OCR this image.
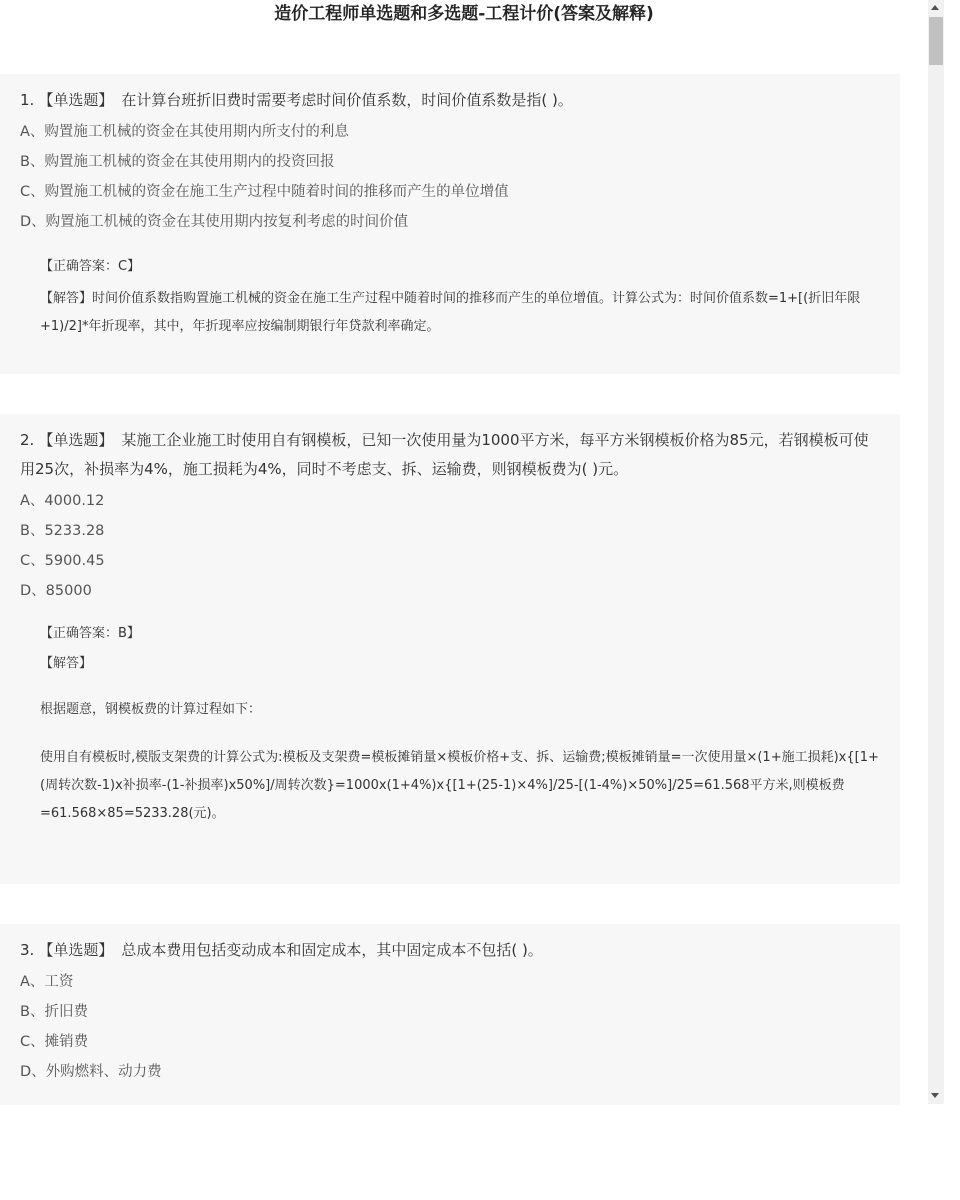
造价工程师单选题和多选题-工程计价(答案及解释)

1. 【单选题】 在计算台班折旧费时需要考虑时间价值系数，时间价值系数是指( )。

A、购置施工机械的资金在其使用期内所支付的利息
B、购置施工机械的资金在其使用期内的投资回报
C、购置施工机械的资金在施工生产过程中随着时间的推移而产生的单位增值
D、购置施工机械的资金在其使用期内按复利考虑的时间价值
【正确答案：C】
【解答】时间价值系数指购置施工机械的资金在施工生产过程中随着时间的推移而产生的单位增值。计算公式为：时间价值系数=1+[(折旧年限+1)/2]*年折现率，其中，年折现率应按编制期银行年贷款利率确定。

2. 【单选题】 某施工企业施工时使用自有钢模板，已知一次使用量为1000平方米，每平方米钢模板价格为85元，若钢模板可使用25次，补损率为4%，施工损耗为4%，同时不考虑支、拆、运输费，则钢模板费为( )元。

A、4000.12
B、5233.28
C、5900.45
D、85000
【正确答案：B】
【解答】
根据题意，钢模板费的计算过程如下：
使用自有模板时,模版支架费的计算公式为:模板及支架费=模板摊销量×模板价格+支、拆、运输费;模板摊销量=一次使用量×(1+施工损耗)x{[1+(周转次数-1)x补损率-(1-补损率)x50%]/周转次数}=1000x(1+4%)x{[1+(25-1)×4%]/25-[(1-4%)×50%]/25=61.568平方米,则模板费=61.568×85=5233.28(元)。

3. 【单选题】 总成本费用包括变动成本和固定成本，其中固定成本不包括( )。

A、工资
B、折旧费
C、摊销费
D、外购燃料、动力费
